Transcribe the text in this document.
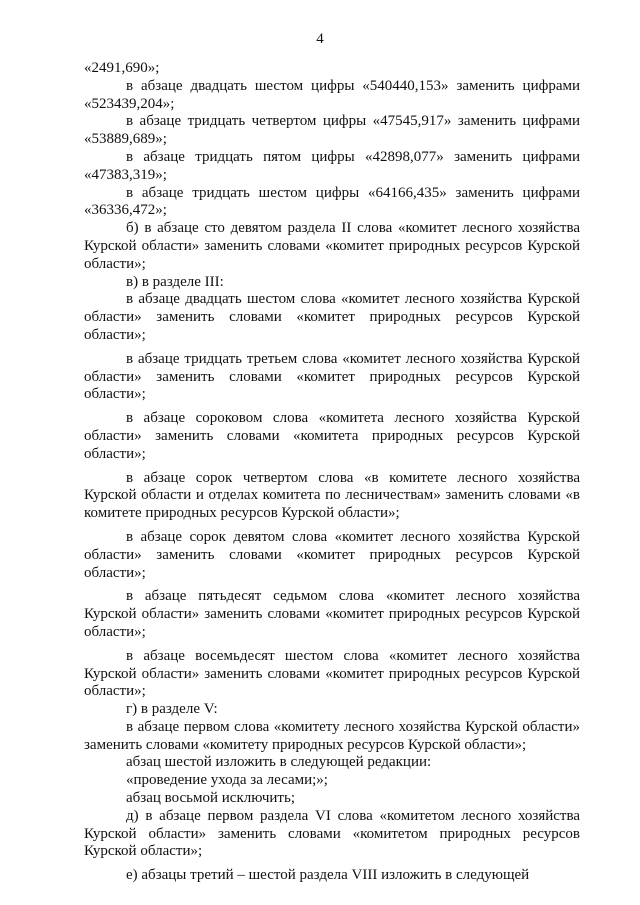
4

«2491,690»;

в абзаце двадцать шестом цифры «540440,153» заменить цифрами «523439,204»;

в абзаце тридцать четвертом цифры «47545,917» заменить цифрами «53889,689»;

в абзаце тридцать пятом цифры «42898,077» заменить цифрами «47383,319»;

в абзаце тридцать шестом цифры «64166,435» заменить цифрами «36336,472»;

б) в абзаце сто девятом раздела II слова «комитет лесного хозяйства Курской области» заменить словами «комитет природных ресурсов Курской области»;

в) в разделе III:

в абзаце двадцать шестом слова «комитет лесного хозяйства Курской области» заменить словами «комитет природных ресурсов Курской области»;

в абзаце тридцать третьем слова «комитет лесного хозяйства Курской области» заменить словами «комитет природных ресурсов Курской области»;

в абзаце сороковом слова «комитета лесного хозяйства Курской области» заменить словами «комитета природных ресурсов Курской области»;

в абзаце сорок четвертом слова «в комитете лесного хозяйства Курской области и отделах комитета по лесничествам» заменить словами «в комитете природных ресурсов Курской области»;

в абзаце сорок девятом слова «комитет лесного хозяйства Курской области» заменить словами «комитет природных ресурсов Курской области»;

в абзаце пятьдесят седьмом слова «комитет лесного хозяйства Курской области» заменить словами «комитет природных ресурсов Курской области»;

в абзаце восемьдесят шестом слова «комитет лесного хозяйства Курской области» заменить словами «комитет природных ресурсов Курской области»;

г) в разделе V:

в абзаце первом слова «комитету лесного хозяйства Курской области» заменить словами «комитету природных ресурсов Курской области»;

абзац шестой изложить в следующей редакции:

«проведение ухода за лесами;»;

абзац восьмой исключить;

д) в абзаце первом раздела VI слова «комитетом лесного хозяйства Курской области» заменить словами «комитетом природных ресурсов Курской области»;

е) абзацы третий – шестой раздела VIII изложить в следующей
